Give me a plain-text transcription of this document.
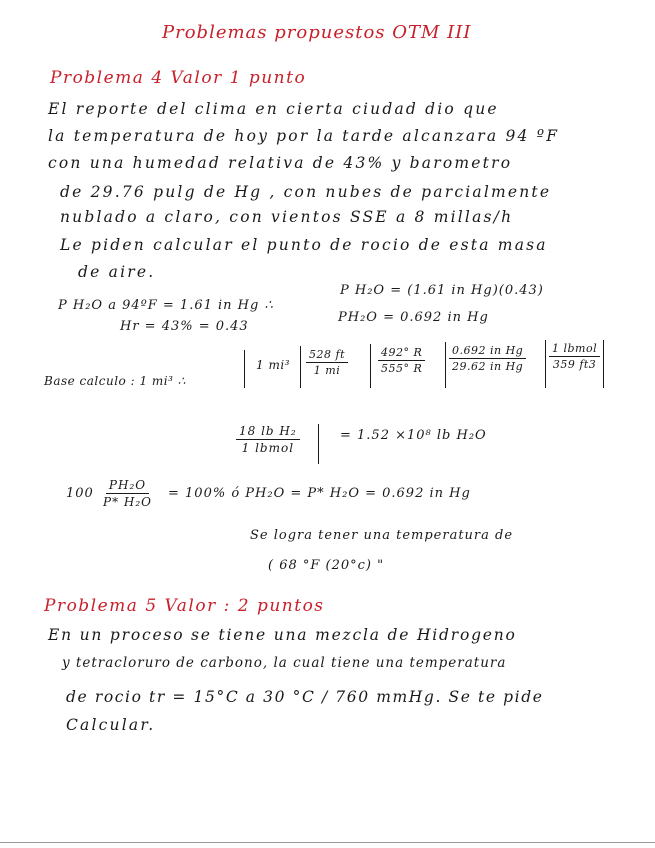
Problemas propuestos OTM III
Problema 4 Valor 1 punto
El reporte del clima en cierta ciudad dio que
la temperatura de hoy por la tarde alcanzara 94 ºF
con una humedad relativa de 43% y barometro
de 29.76 pulg de Hg , con nubes de parcialmente
nublado a claro, con vientos SSE a 8 millas/h
Le piden calcular el punto de rocio de esta masa
de aire.
P H₂O a 94ºF = 1.61 in Hg ∴
P H₂O = (1.61 in Hg)(0.43)
Hr = 43% = 0.43
PH₂O = 0.692 in Hg
Base calculo : 1 mi³ ∴
1 $mi^3 \frac{528 ft}{1 mi}$	$\frac{492^\circ R}{555^\circ R} \frac{\text{0.692 in Hg}}{\text{29.62 in Hg}} 1$ lbmol
359 ft3
18 lb H₂
1 lbmol
= 1.52 ×10⁸ lb H₂O
$100 \frac{\text{PH₂O}}{\text{P* H₂O}} = 100\%$ ó PH₂O = P* H₂O = 0.692 in Hg
Se logra tener una temperatura de
( 68 °F (20°c) "
Problema 5 Valor : 2 puntos
En un proceso se tiene una mezcla de Hidrogeno
y tetracloruro de carbono, la cual tiene una temperatura
de rocio tr = 15°C a 30 °C / 760 mmHg. Se te pide
Calcular.
